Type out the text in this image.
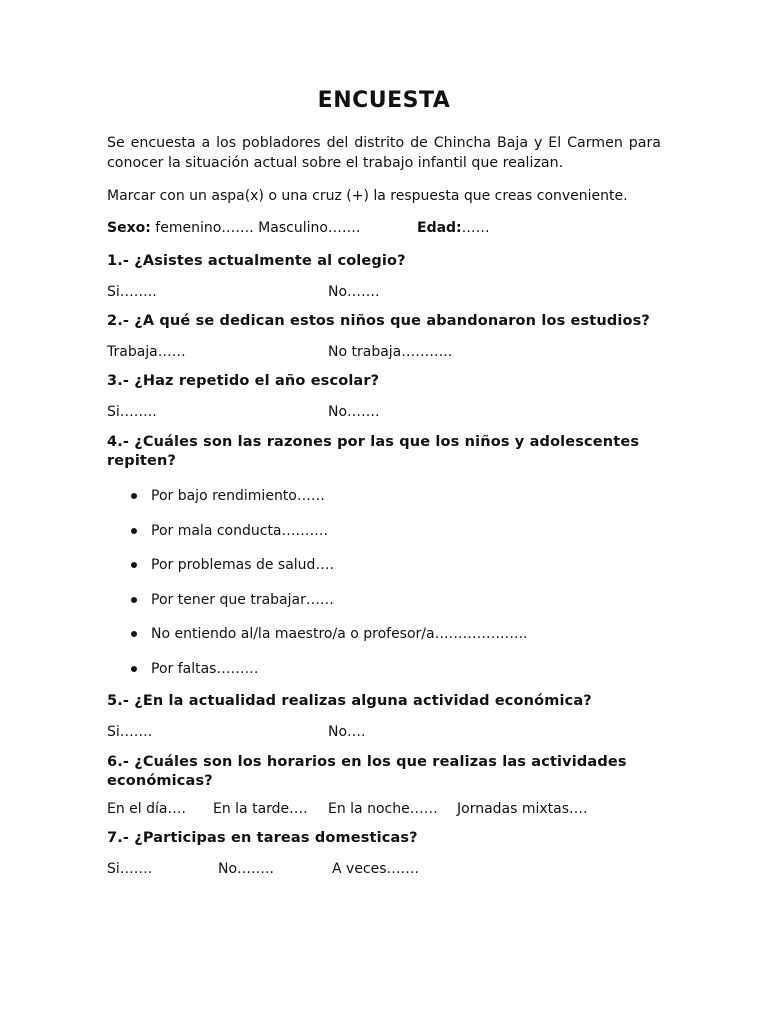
ENCUESTA
Se encuesta a los pobladores del distrito de Chincha Baja y El Carmen para conocer la situación actual sobre el trabajo infantil que realizan.
Marcar con un aspa(x) o una cruz (+) la respuesta que creas conveniente.
Sexo: femenino……. Masculino…….	Edad:……
1.- ¿Asistes actualmente al colegio?
Si……..	No…….
2.- ¿A qué se dedican estos niños que abandonaron los estudios?
Trabaja……	No trabaja………..
3.- ¿Haz repetido el año escolar?
Si……..	No…….
4.- ¿Cuáles son las razones por las que los niños y adolescentes repiten?
Por bajo rendimiento……
Por mala conducta……….
Por problemas de salud….
Por tener que trabajar……
No entiendo al/la maestro/a o profesor/a………………..
Por faltas………
5.- ¿En la actualidad realizas alguna actividad económica?
Si…….	No….
6.- ¿Cuáles son los horarios en los que realizas las actividades económicas?
En el día…. En la tarde…. En la noche…… Jornadas mixtas….
7.- ¿Participas en tareas domesticas?
Si…….	No……..	A veces…….
